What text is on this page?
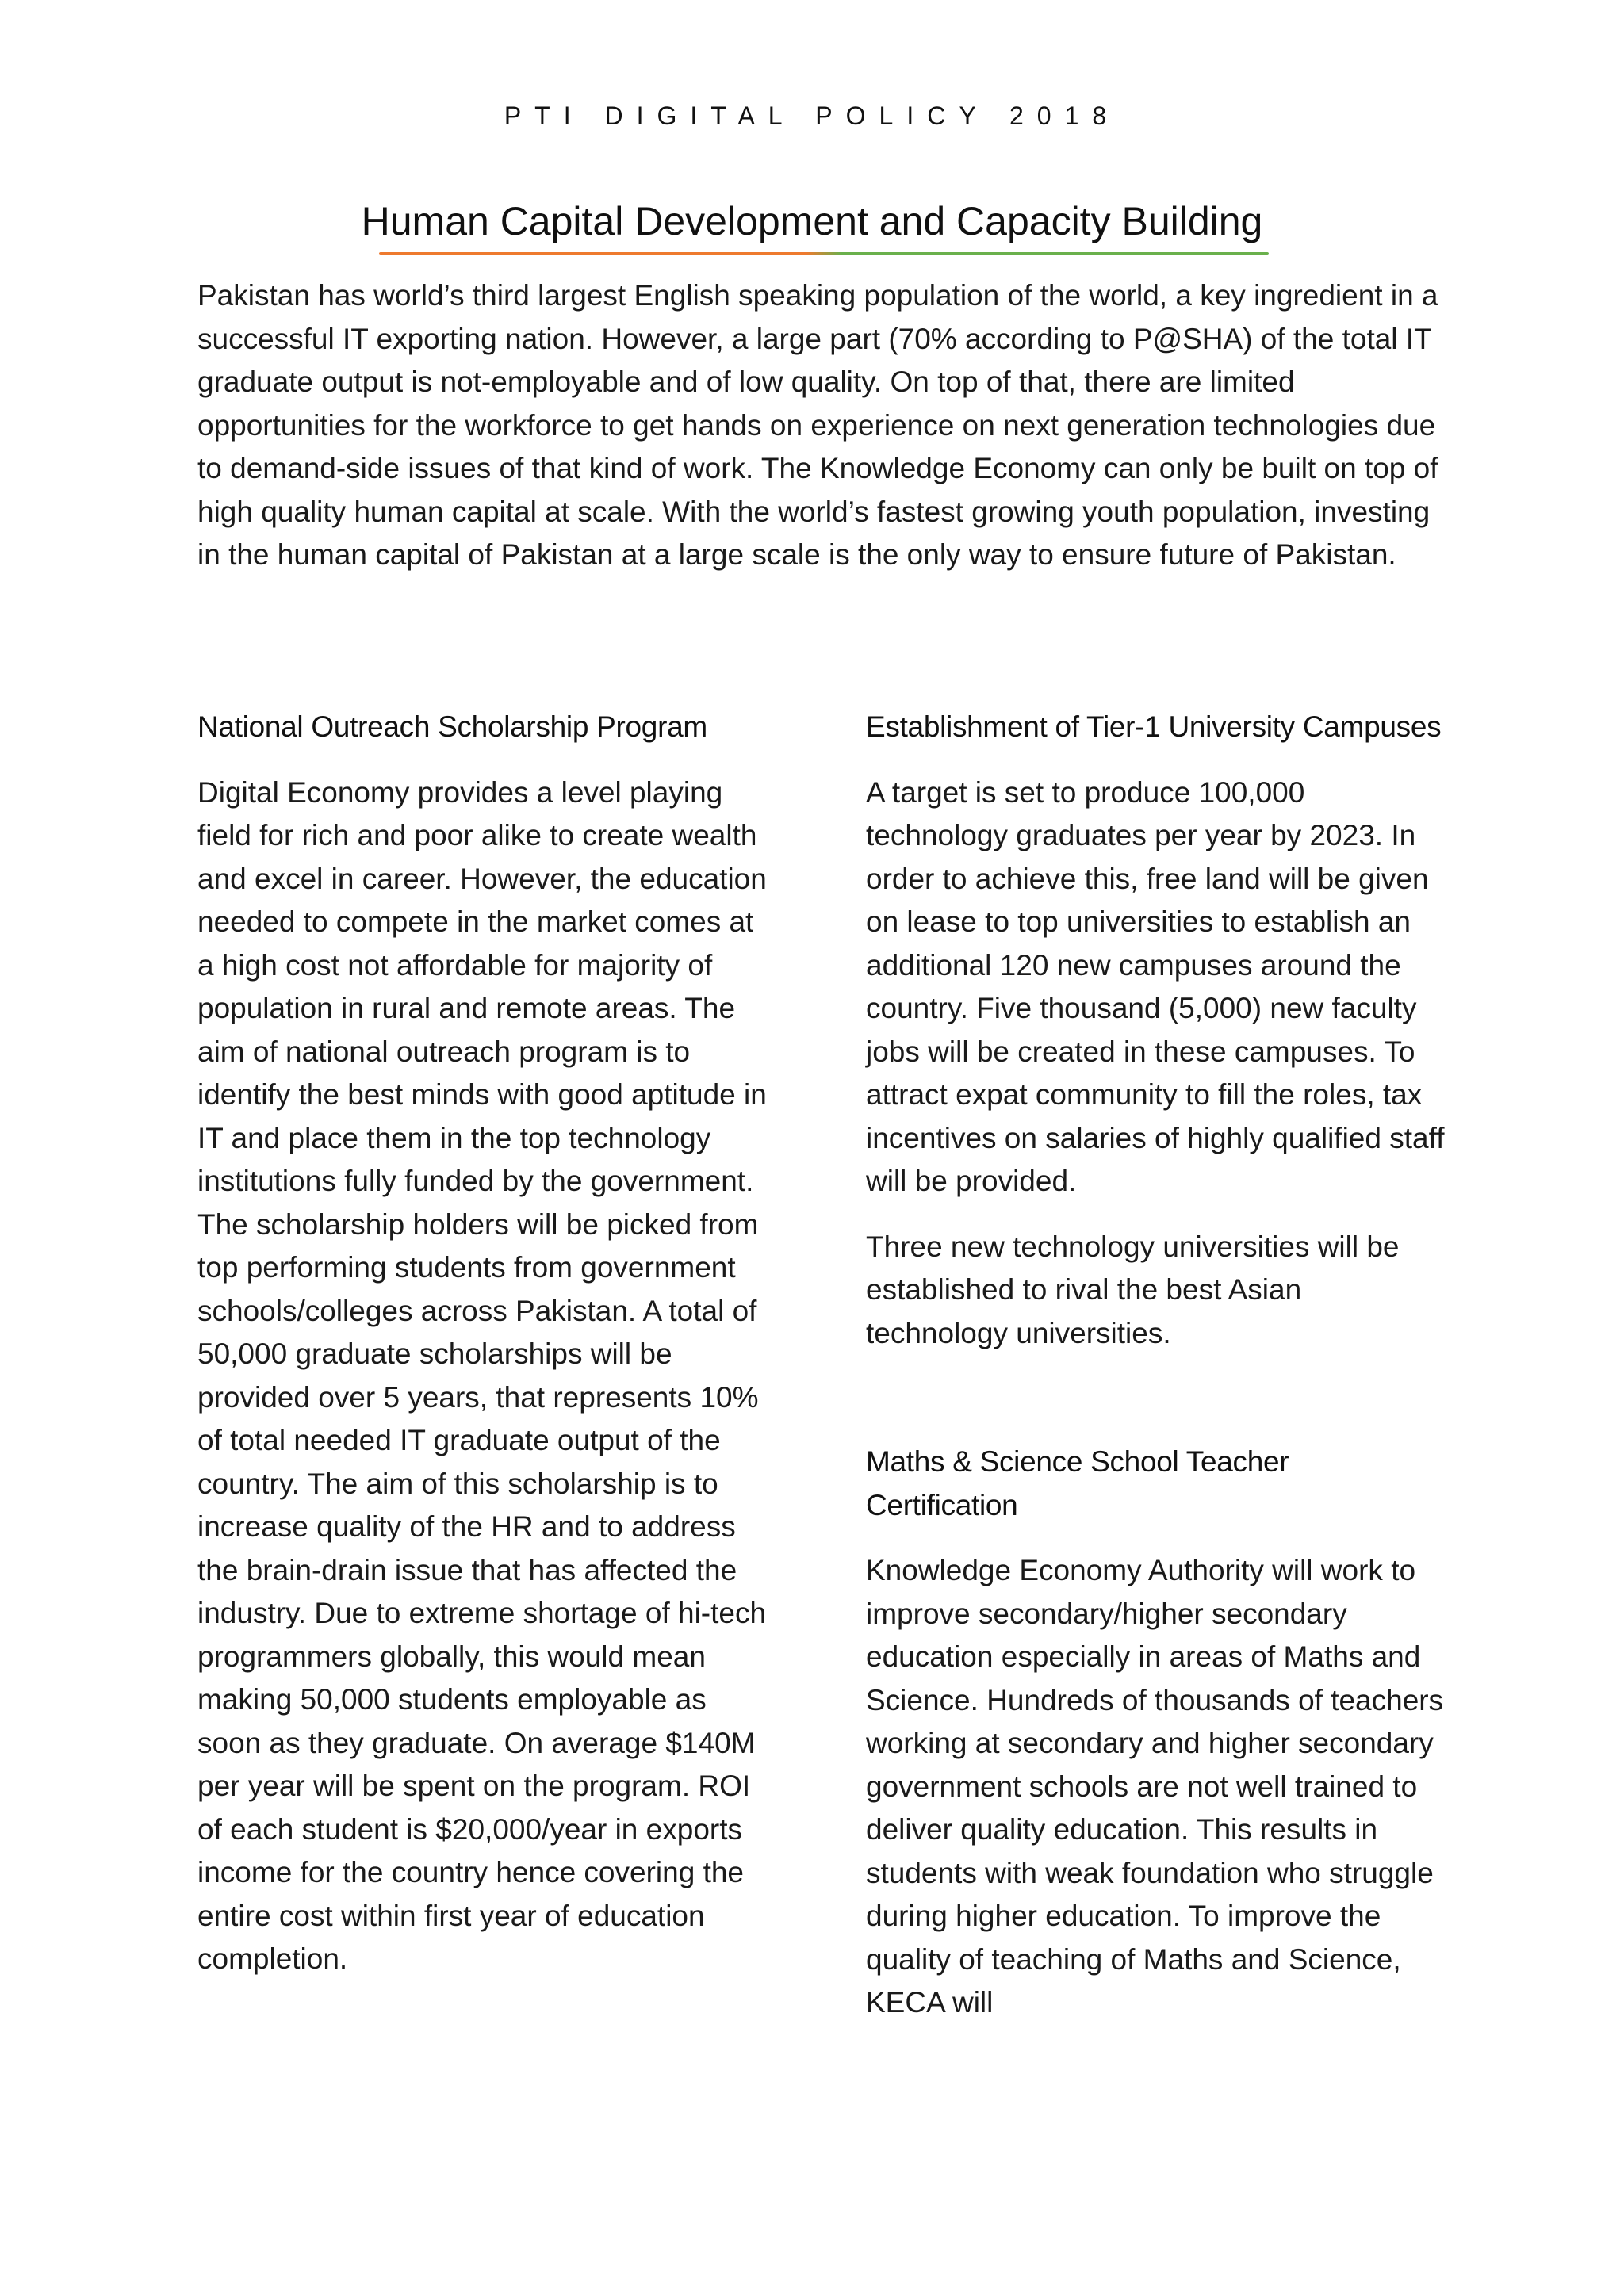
PTI DIGITAL POLICY 2018
Human Capital Development and Capacity Building

Pakistan has world’s third largest English speaking population of the world, a key ingredient in a successful IT exporting nation. However, a large part (70% according to P@SHA) of the total IT graduate output is not-employable and of low quality. On top of that, there are limited opportunities for the workforce to get hands on experience on next generation technologies due to demand-side issues of that kind of work. The Knowledge Economy can only be built on top of high quality human capital at scale. With the world’s fastest growing youth population, investing in the human capital of Pakistan at a large scale is the only way to ensure future of Pakistan.

National Outreach Scholarship Program

Digital Economy provides a level playing field for rich and poor alike to create wealth and excel in career. However, the education needed to compete in the market comes at a high cost not affordable for majority of population in rural and remote areas. The aim of national outreach program is to identify the best minds with good aptitude in IT and place them in the top technology institutions fully funded by the government. The scholarship holders will be picked from top performing students from government schools/colleges across Pakistan. A total of 50,000 graduate scholarships will be provided over 5 years, that represents 10% of total needed IT graduate output of the country. The aim of this scholarship is to increase quality of the HR and to address the brain-drain issue that has affected the industry. Due to extreme shortage of hi-tech programmers globally, this would mean making 50,000 students employable as soon as they graduate. On average $140M per year will be spent on the program. ROI of each student is $20,000/year in exports income for the country hence covering the entire cost within first year of education completion.

Establishment of Tier-1 University Campuses

A target is set to produce 100,000 technology graduates per year by 2023. In order to achieve this, free land will be given on lease to top universities to establish an additional 120 new campuses around the country. Five thousand (5,000) new faculty jobs will be created in these campuses. To attract expat community to fill the roles, tax incentives on salaries of highly qualified staff will be provided.

Three new technology universities will be established to rival the best Asian technology universities.

Maths & Science School Teacher Certification

Knowledge Economy Authority will work to improve secondary/higher secondary education especially in areas of Maths and Science. Hundreds of thousands of teachers working at secondary and higher secondary government schools are not well trained to deliver quality education. This results in students with weak foundation who struggle during higher education. To improve the quality of teaching of Maths and Science, KECA will
